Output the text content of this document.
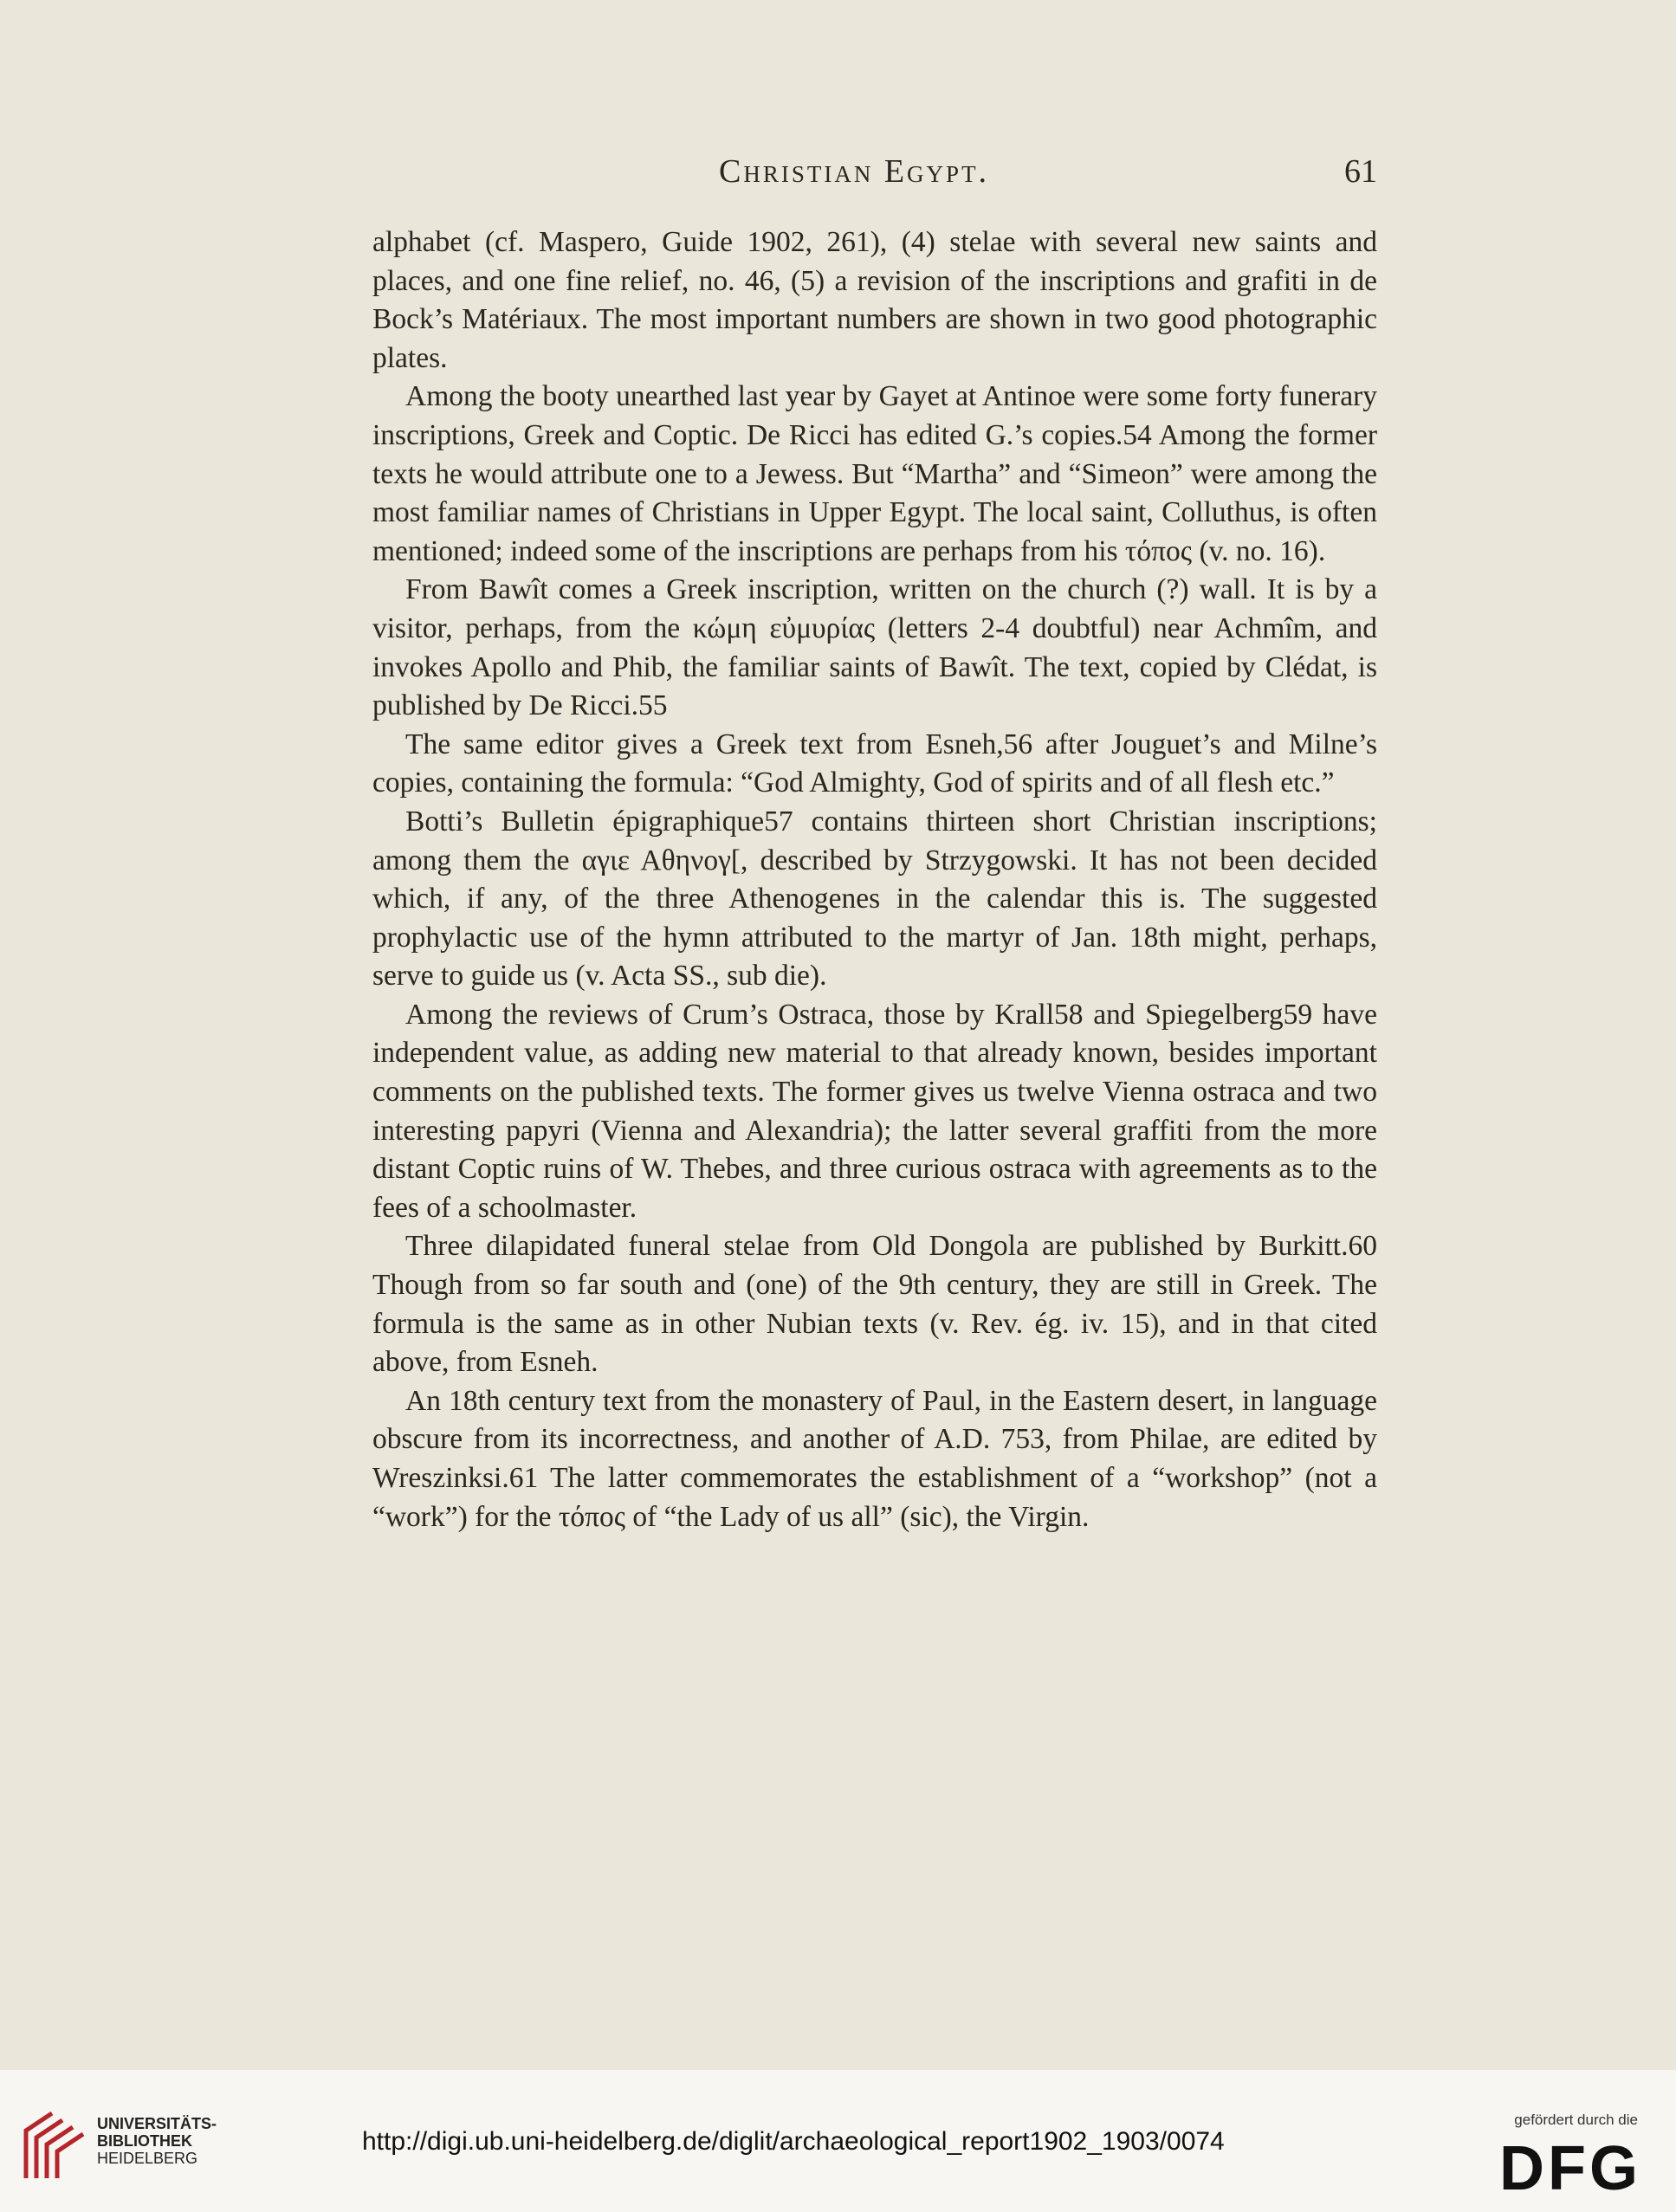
Christian Egypt.	61

alphabet (cf. Maspero, Guide 1902, 261), (4) stelae with several new saints and places, and one fine relief, no. 46, (5) a revision of the inscriptions and grafiti in de Bock’s Matériaux. The most important numbers are shown in two good photographic plates.

Among the booty unearthed last year by Gayet at Antinoe were some forty funerary inscriptions, Greek and Coptic. De Ricci has edited G.’s copies.54 Among the former texts he would attribute one to a Jewess. But “Martha” and “Simeon” were among the most familiar names of Christians in Upper Egypt. The local saint, Colluthus, is often mentioned; indeed some of the inscriptions are perhaps from his τόπος (v. no. 16).

From Bawît comes a Greek inscription, written on the church (?) wall. It is by a visitor, perhaps, from the κώμη εὐμυρίας (letters 2-4 doubtful) near Achmîm, and invokes Apollo and Phib, the familiar saints of Bawît. The text, copied by Clédat, is published by De Ricci.55

The same editor gives a Greek text from Esneh,56 after Jouguet’s and Milne’s copies, containing the formula: “God Almighty, God of spirits and of all flesh etc.”

Botti’s Bulletin épigraphique57 contains thirteen short Christian inscriptions; among them the αγιε Αθηνογ[, described by Strzygowski. It has not been decided which, if any, of the three Athenogenes in the calendar this is. The suggested prophylactic use of the hymn attributed to the martyr of Jan. 18th might, perhaps, serve to guide us (v. Acta SS., sub die).

Among the reviews of Crum’s Ostraca, those by Krall58 and Spiegelberg59 have independent value, as adding new material to that already known, besides important comments on the published texts. The former gives us twelve Vienna ostraca and two interesting papyri (Vienna and Alexandria); the latter several graffiti from the more distant Coptic ruins of W. Thebes, and three curious ostraca with agreements as to the fees of a schoolmaster.

Three dilapidated funeral stelae from Old Dongola are published by Burkitt.60 Though from so far south and (one) of the 9th century, they are still in Greek. The formula is the same as in other Nubian texts (v. Rev. ég. iv. 15), and in that cited above, from Esneh.

An 18th century text from the monastery of Paul, in the Eastern desert, in language obscure from its incorrectness, and another of A.D. 753, from Philae, are edited by Wreszinksi.61 The latter commemorates the establishment of a “workshop” (not a “work”) for the τόπος of “the Lady of us all” (sic), the Virgin.

UNIVERSITÄTS-
BIBLIOTHEK
HEIDELBERG
http://digi.ub.uni-heidelberg.de/diglit/archaeological_report1902_1903/0074
gefördert durch die
DFG
